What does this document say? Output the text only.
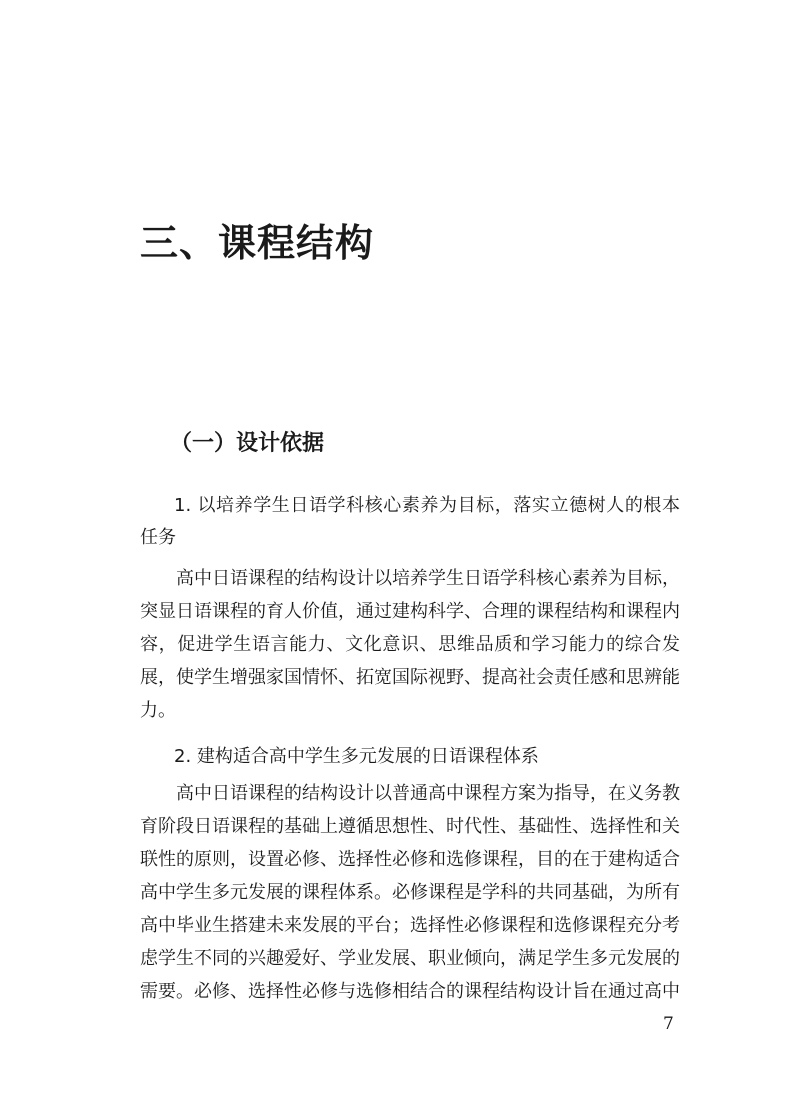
三、课程结构
（一）设计依据
1. 以培养学生日语学科核心素养为目标，落实立德树人的根本任务

高中日语课程的结构设计以培养学生日语学科核心素养为目标，突显日语课程的育人价值，通过建构科学、合理的课程结构和课程内容，促进学生语言能力、文化意识、思维品质和学习能力的综合发展，使学生增强家国情怀、拓宽国际视野、提高社会责任感和思辨能力。

2. 建构适合高中学生多元发展的日语课程体系

高中日语课程的结构设计以普通高中课程方案为指导，在义务教育阶段日语课程的基础上遵循思想性、时代性、基础性、选择性和关联性的原则，设置必修、选择性必修和选修课程，目的在于建构适合高中学生多元发展的课程体系。必修课程是学科的共同基础，为所有高中毕业生搭建未来发展的平台；选择性必修课程和选修课程充分考虑学生不同的兴趣爱好、学业发展、职业倾向，满足学生多元发展的需要。必修、选择性必修与选修相结合的课程结构设计旨在通过高中

7
